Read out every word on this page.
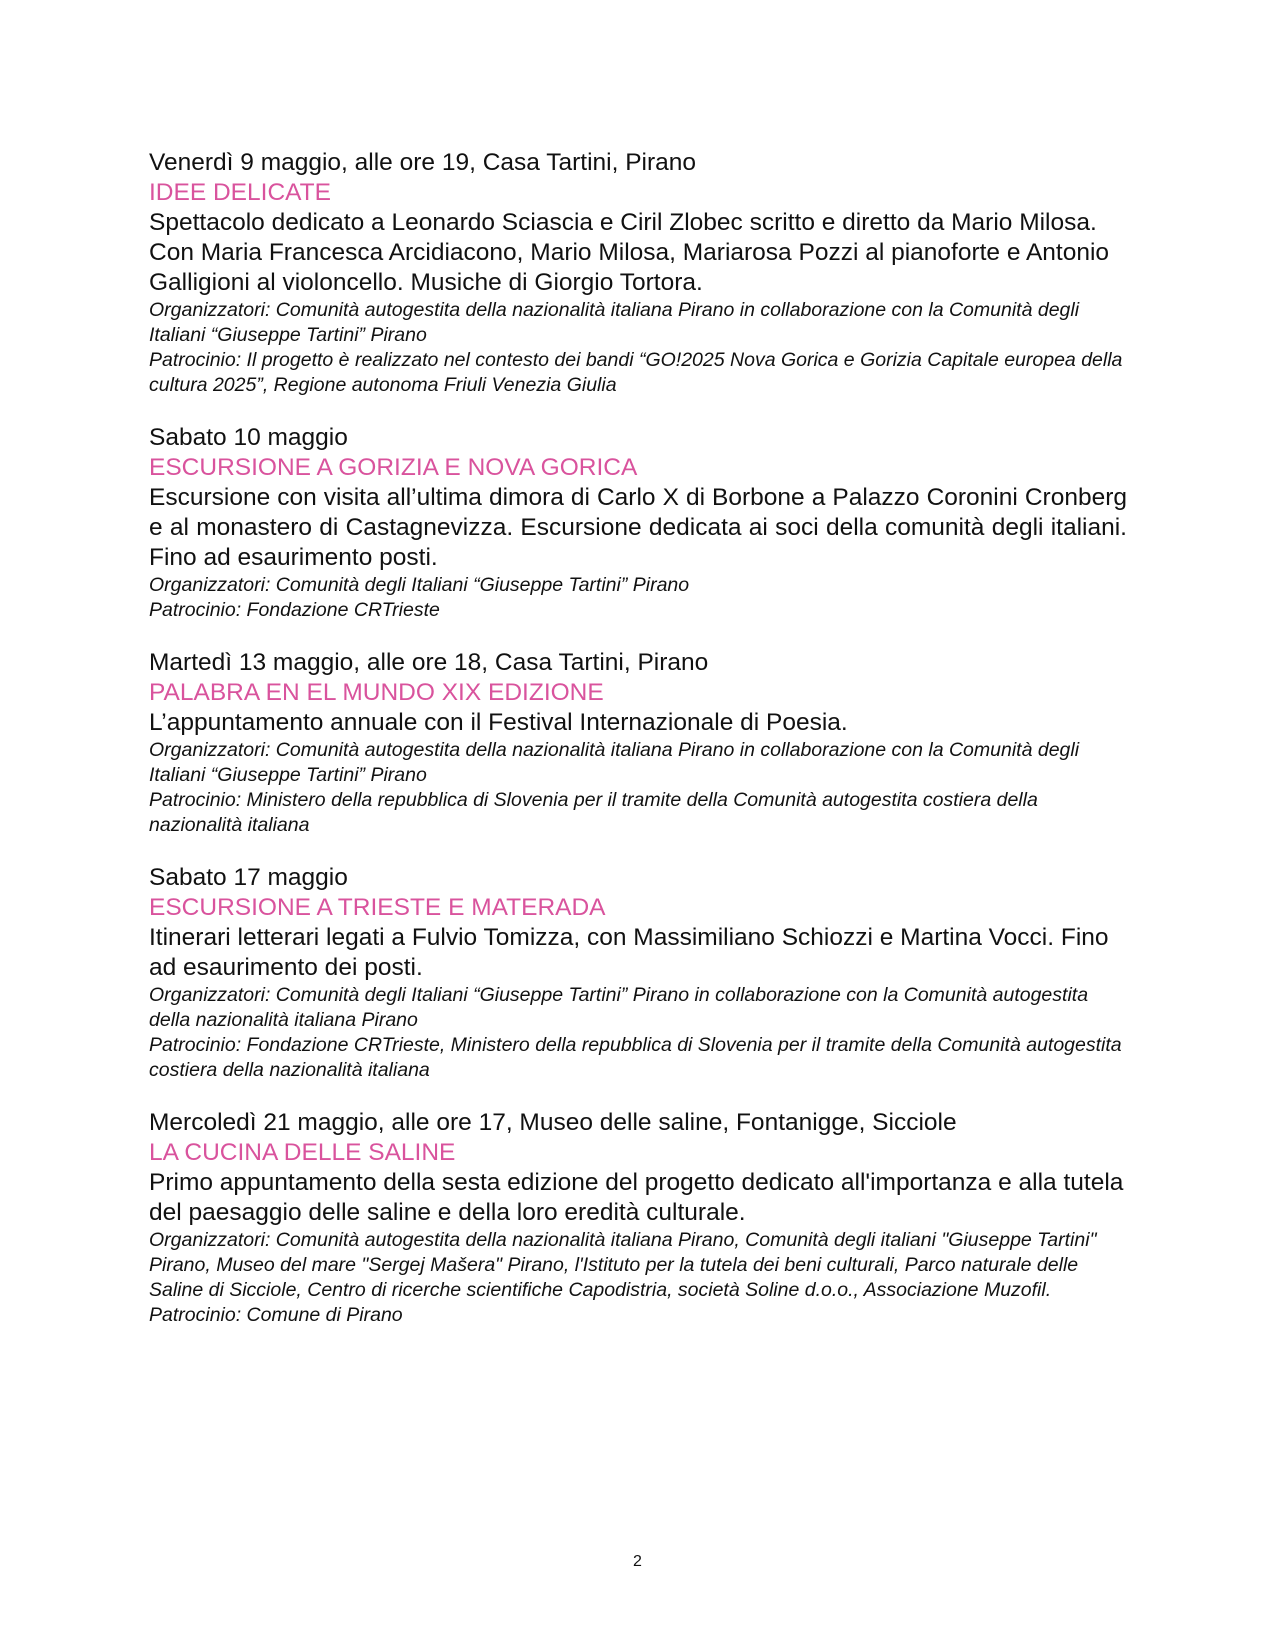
Venerdì 9 maggio, alle ore 19, Casa Tartini, Pirano
IDEE DELICATE
Spettacolo dedicato a Leonardo Sciascia e Ciril Zlobec scritto e diretto da Mario Milosa. Con Maria Francesca Arcidiacono, Mario Milosa, Mariarosa Pozzi al pianoforte e Antonio Galligioni al violoncello. Musiche di Giorgio Tortora.
Organizzatori: Comunità autogestita della nazionalità italiana Pirano in collaborazione con la Comunità degli Italiani “Giuseppe Tartini” Pirano
Patrocinio: Il progetto è realizzato nel contesto dei bandi “GO!2025 Nova Gorica e Gorizia Capitale europea della cultura 2025”, Regione autonoma Friuli Venezia Giulia
Sabato 10 maggio
ESCURSIONE A GORIZIA E NOVA GORICA
Escursione con visita all’ultima dimora di Carlo X di Borbone a Palazzo Coronini Cronberg e al monastero di Castagnevizza. Escursione dedicata ai soci della comunità degli italiani. Fino ad esaurimento posti.
Organizzatori: Comunità degli Italiani “Giuseppe Tartini” Pirano
Patrocinio: Fondazione CRTrieste
Martedì 13 maggio, alle ore 18, Casa Tartini, Pirano
PALABRA EN EL MUNDO XIX EDIZIONE
L’appuntamento annuale con il Festival Internazionale di Poesia.
Organizzatori: Comunità autogestita della nazionalità italiana Pirano in collaborazione con la Comunità degli Italiani “Giuseppe Tartini” Pirano
Patrocinio: Ministero della repubblica di Slovenia per il tramite della Comunità autogestita costiera della nazionalità italiana
Sabato 17 maggio
ESCURSIONE A TRIESTE E MATERADA
Itinerari letterari legati a Fulvio Tomizza, con Massimiliano Schiozzi e Martina Vocci. Fino ad esaurimento dei posti.
Organizzatori: Comunità degli Italiani “Giuseppe Tartini” Pirano in collaborazione con la Comunità autogestita della nazionalità italiana Pirano
Patrocinio: Fondazione CRTrieste, Ministero della repubblica di Slovenia per il tramite della Comunità autogestita costiera della nazionalità italiana
Mercoledì 21 maggio, alle ore 17, Museo delle saline, Fontanigge, Sicciole
LA CUCINA DELLE SALINE
Primo appuntamento della sesta edizione del progetto dedicato all'importanza e alla tutela del paesaggio delle saline e della loro eredità culturale.
Organizzatori: Comunità autogestita della nazionalità italiana Pirano, Comunità degli italiani "Giuseppe Tartini" Pirano, Museo del mare "Sergej Mašera" Pirano, l'Istituto per la tutela dei beni culturali, Parco naturale delle Saline di Sicciole, Centro di ricerche scientifiche Capodistria, società Soline d.o.o., Associazione Muzofil.
Patrocinio: Comune di Pirano
2
